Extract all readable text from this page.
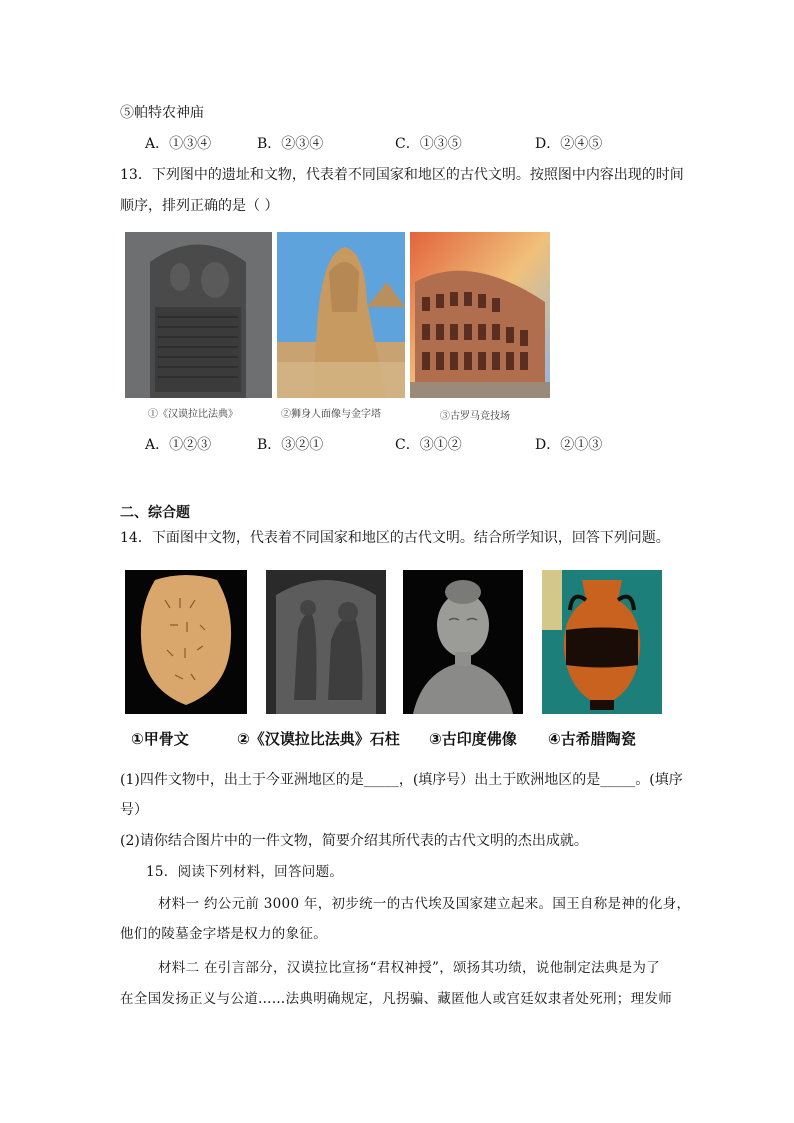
⑤帕特农神庙
A．①③④	B．②③④	C．①③⑤	D．②④⑤
13．下列图中的遗址和文物，代表着不同国家和地区的古代文明。按照图中内容出现的时间
顺序，排列正确的是（ ）
①《汉谟拉比法典》	②狮身人面像与金字塔	③古罗马竞技场
A．①②③	B．③②①	C．③①②	D．②①③
二、综合题
14．下面图中文物，代表着不同国家和地区的古代文明。结合所学知识，回答下列问题。
①甲骨文	②《汉谟拉比法典》石柱 ③古印度佛像 ④古希腊陶瓷
(1)四件文物中，出土于今亚洲地区的是_____，(填序号）出土于欧洲地区的是_____。(填序
号）
(2)请你结合图片中的一件文物，简要介绍其所代表的古代文明的杰出成就。
15．阅读下列材料，回答问题。
材料一 约公元前 3000 年，初步统一的古代埃及国家建立起来。国王自称是神的化身，
他们的陵墓金字塔是权力的象征。
材料二 在引言部分，汉谟拉比宣扬“君权神授”，颂扬其功绩，说他制定法典是为了
在全国发扬正义与公道……法典明确规定，凡拐骗、藏匿他人或宫廷奴隶者处死刑；理发师
